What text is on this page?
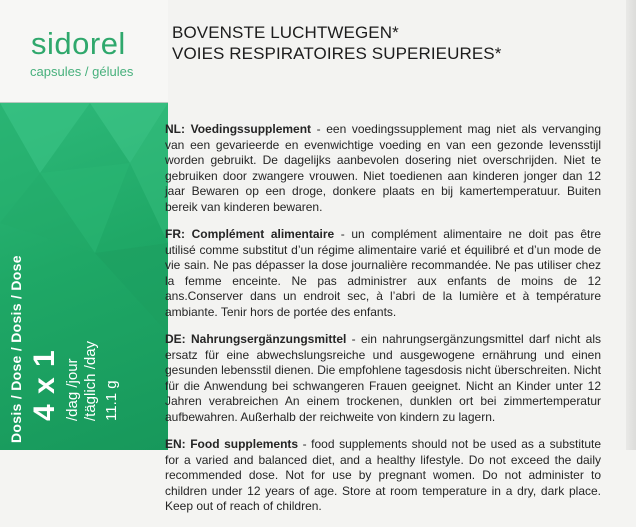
sidorel
capsules / gélules
Dosis / Dose / Dosis / Dose 4 x 1 /dag /jour /täglich /day 11.1 g
BOVENSTE LUCHTWEGEN*
VOIES RESPIRATOIRES SUPERIEURES*

NL: Voedingssupplement - een voedingssupplement mag niet als vervanging van een gevarieerde en evenwichtige voeding en van een gezonde levensstijl worden gebruikt. De dagelijks aanbevolen dosering niet overschrijden. Niet te gebruiken door zwangere vrouwen. Niet toedienen aan kinderen jonger dan 12 jaar Bewaren op een droge, donkere plaats en bij kamertemperatuur. Buiten bereik van kinderen bewaren.

FR: Complément alimentaire - un complément alimentaire ne doit pas être utilisé comme substitut d’un régime alimentaire varié et équilibré et d’un mode de vie sain. Ne pas dépasser la dose journalière recommandée. Ne pas utiliser chez la femme enceinte. Ne pas administrer aux enfants de moins de 12 ans.Conserver dans un endroit sec, à l’abri de la lumière et à température ambiante. Tenir hors de portée des enfants.

DE: Nahrungsergänzungsmittel - ein nahrungsergänzungsmittel darf nicht als ersatz für eine abwechslungsreiche und ausgewogene ernährung und einen gesunden lebensstil dienen. Die empfohlene tagesdosis nicht überschreiten. Nicht für die Anwendung bei schwangeren Frauen geeignet. Nicht an Kinder unter 12 Jahren verabreichen An einem trockenen, dunklen ort bei zimmertemperatur aufbewahren. Außerhalb der reichweite von kindern zu lagern.

EN: Food supplements - food supplements should not be used as a substitute for a varied and balanced diet, and a healthy lifestyle. Do not exceed the daily recommended dose. Not for use by pregnant women. Do not administer to children under 12 years of age. Store at room temperature in a dry, dark place. Keep out of reach of children.
